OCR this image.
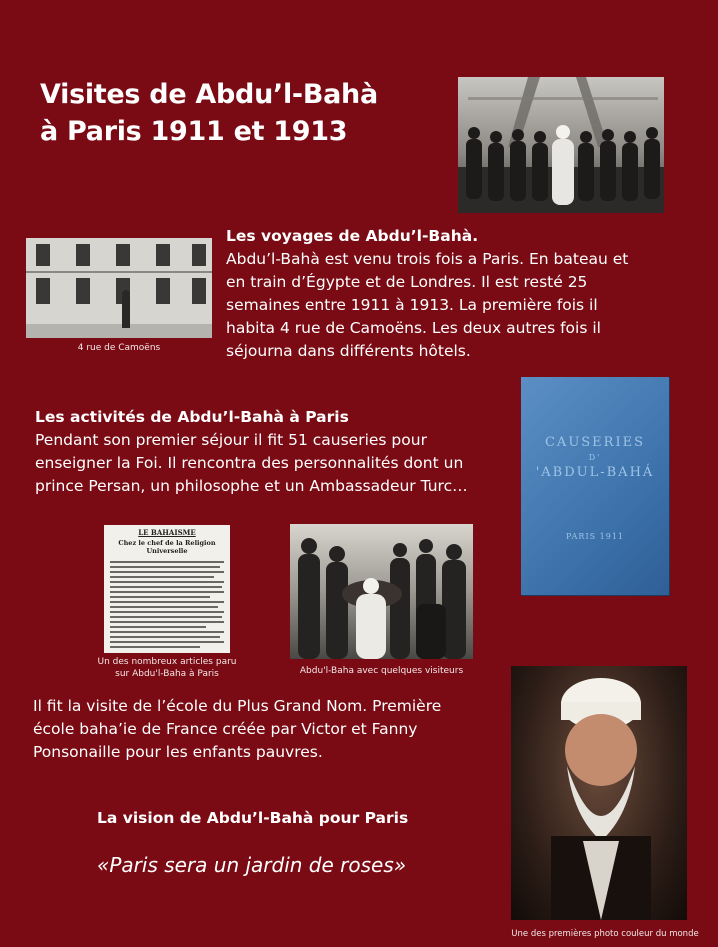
Visites de Abdu’l-Bahà
à Paris 1911 et 1913
4 rue de Camoëns
Les voyages de Abdu’l-Bahà.
Abdu’l-Bahà est venu trois fois a Paris. En bateau et en train d’Égypte et de Londres. Il est resté 25 semaines entre 1911 à 1913. La première fois il habita 4 rue de Camoëns. Les deux autres fois il séjourna dans différents hôtels.
Les activités de Abdu’l-Bahà à Paris
Pendant son premier séjour il fit 51 causeries pour enseigner la Foi. Il rencontra des personnalités dont un prince Persan, un philosophe et un Ambassadeur Turc…
CAUSERIES
D'
'ABDUL-BAHÁ
PARIS 1911
LE BAHAISME
Chez le chef de la Religion Universelle
Un des nombreux articles paru
sur Abdu'l-Baha à Paris	Abdu'l-Baha avec quelques visiteurs
Il fit la visite de l’école du Plus Grand Nom. Première école baha’ie de France créée par Victor et Fanny Ponsonaille pour les enfants pauvres.
La vision de Abdu’l-Bahà pour Paris
«Paris sera un jardin de roses»
Une des premières photo couleur du monde
